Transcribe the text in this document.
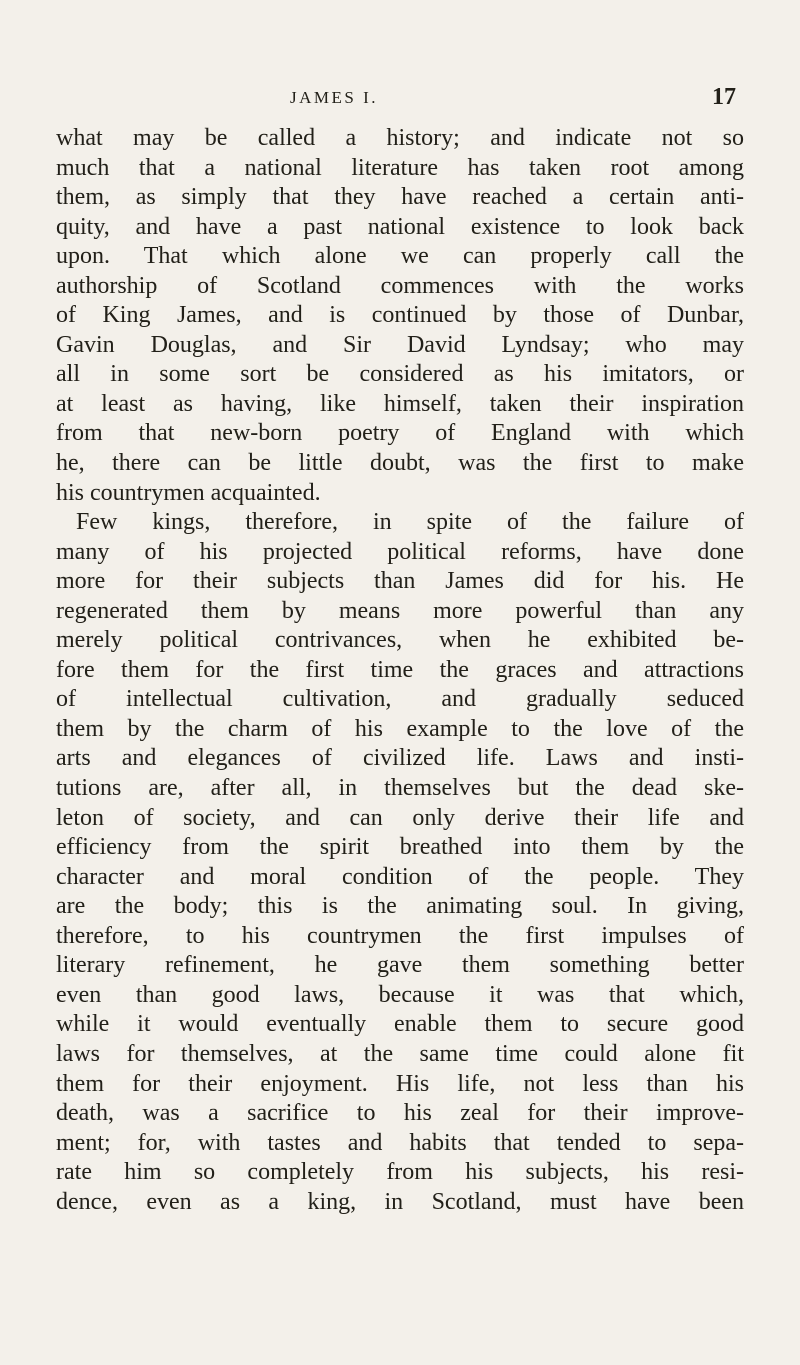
JAMES I.	17
what may be called a history; and indicate not so
much that a national literature has taken root among
them, as simply that they have reached a certain anti-
quity, and have a past national existence to look back
upon. That which alone we can properly call the
authorship of Scotland commences with the works
of King James, and is continued by those of Dunbar,
Gavin Douglas, and Sir David Lyndsay; who may
all in some sort be considered as his imitators, or
at least as having, like himself, taken their inspiration
from that new-born poetry of England with which
he, there can be little doubt, was the first to make
his countrymen acquainted.
Few kings, therefore, in spite of the failure of
many of his projected political reforms, have done
more for their subjects than James did for his. He
regenerated them by means more powerful than any
merely political contrivances, when he exhibited be-
fore them for the first time the graces and attractions
of intellectual cultivation, and gradually seduced
them by the charm of his example to the love of the
arts and elegances of civilized life. Laws and insti-
tutions are, after all, in themselves but the dead ske-
leton of society, and can only derive their life and
efficiency from the spirit breathed into them by the
character and moral condition of the people. They
are the body; this is the animating soul. In giving,
therefore, to his countrymen the first impulses of
literary refinement, he gave them something better
even than good laws, because it was that which,
while it would eventually enable them to secure good
laws for themselves, at the same time could alone fit
them for their enjoyment. His life, not less than his
death, was a sacrifice to his zeal for their improve-
ment; for, with tastes and habits that tended to sepa-
rate him so completely from his subjects, his resi-
dence, even as a king, in Scotland, must have been
